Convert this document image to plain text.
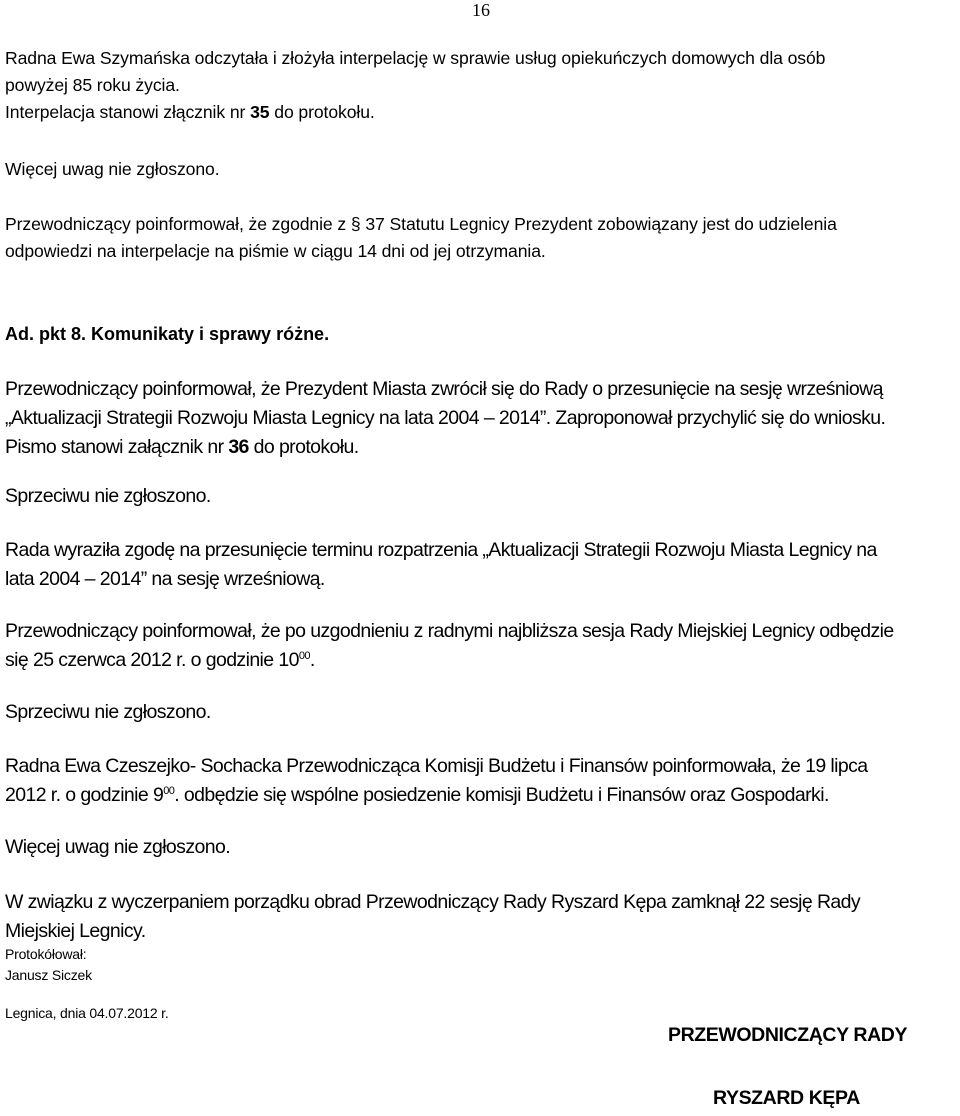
16

Radna Ewa Szymańska odczytała i złożyła interpelację w sprawie usług opiekuńczych domowych dla osób
powyżej 85 roku życia.
Interpelacja stanowi złącznik nr 35 do protokołu.

Więcej uwag nie zgłoszono.

Przewodniczący poinformował, że zgodnie z § 37 Statutu Legnicy Prezydent zobowiązany jest do udzielenia
odpowiedzi na interpelacje na piśmie w ciągu 14 dni od jej otrzymania.

Ad. pkt 8. Komunikaty i sprawy różne.

Przewodniczący poinformował, że Prezydent Miasta zwrócił się do Rady o przesunięcie na sesję wrześniową
„Aktualizacji Strategii Rozwoju Miasta Legnicy na lata 2004 – 2014”. Zaproponował przychylić się do wniosku.
Pismo stanowi załącznik nr 36 do protokołu.

Sprzeciwu nie zgłoszono.

Rada wyraziła zgodę na przesunięcie terminu rozpatrzenia „Aktualizacji Strategii Rozwoju Miasta Legnicy na
lata 2004 – 2014” na sesję wrześniową.

Przewodniczący poinformował, że po uzgodnieniu z radnymi najbliższa sesja Rady Miejskiej Legnicy odbędzie
się 25 czerwca 2012 r. o godzinie $10^{00}$.

Sprzeciwu nie zgłoszono.

Radna Ewa Czeszejko- Sochacka Przewodnicząca Komisji Budżetu i Finansów poinformowała, że 19 lipca
2012 r. o godzinie $9^{00}$. odbędzie się wspólne posiedzenie komisji Budżetu i Finansów oraz Gospodarki.

Więcej uwag nie zgłoszono.

W związku z wyczerpaniem porządku obrad Przewodniczący Rady Ryszard Kępa zamknął 22 sesję Rady
Miejskiej Legnicy.

Protokółował:
Janusz Siczek
Legnica, dnia 04.07.2012 r.
PRZEWODNICZĄCY RADY
RYSZARD KĘPA
